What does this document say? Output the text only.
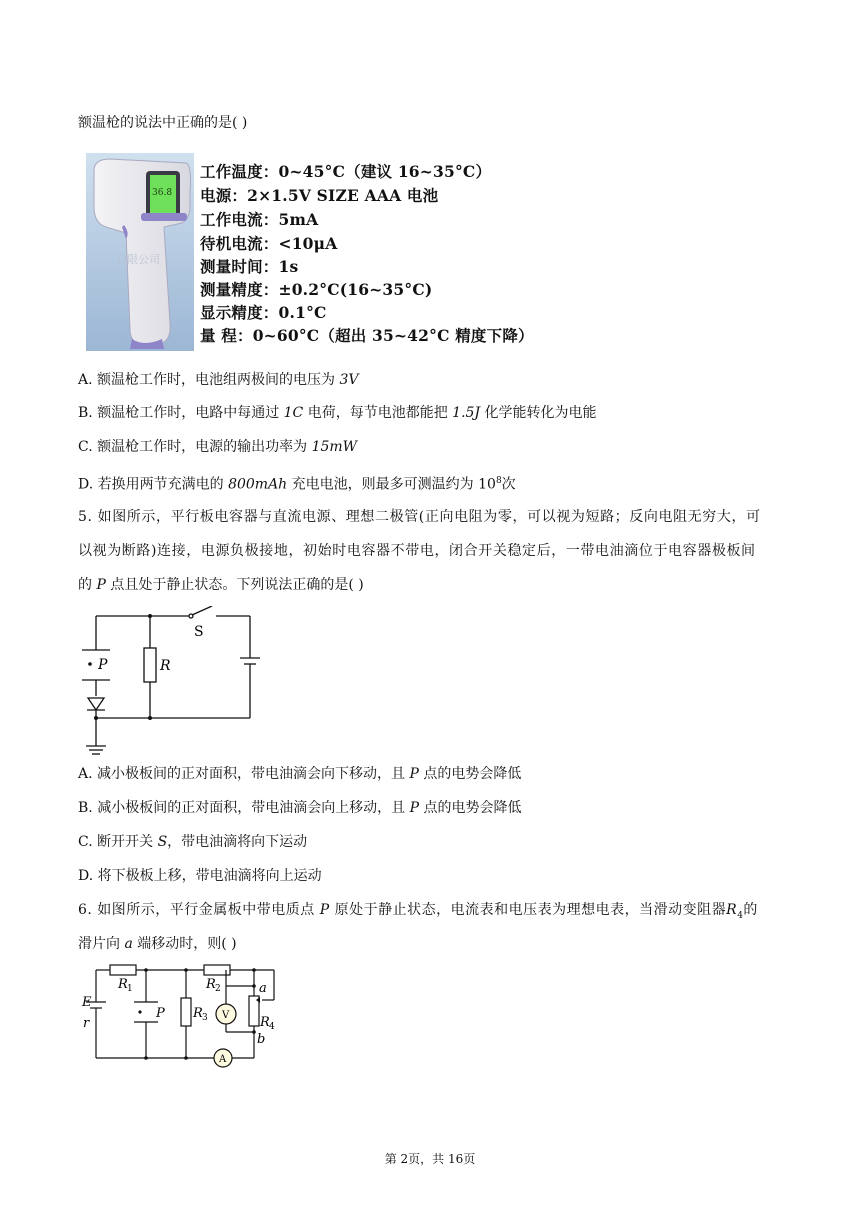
额温枪的说法中正确的是( )
36.8
有限公司
工作温度：0~45°C（建议 16~35°C）
电源：2×1.5V SIZE AAA 电池
工作电流：5mA
待机电流：<10μA
测量时间：1s
测量精度：±0.2°C(16~35°C)
显示精度：0.1°C
量 程：0~60°C（超出 35~42°C 精度下降）
A. 额温枪工作时，电池组两极间的电压为 3V
B. 额温枪工作时，电路中每通过 1C 电荷，每节电池都能把 1.5J 化学能转化为电能
C. 额温枪工作时，电源的输出功率为 15mW
D. 若换用两节充满电的 800mAh 充电电池，则最多可测温约为 $10^8$次
5. 如图所示，平行板电容器与直流电源、理想二极管(正向电阻为零，可以视为短路；反向电阻无穷大，可
以视为断路)连接，电源负极接地，初始时电容器不带电，闭合开关稳定后，一带电油滴位于电容器极板间
的 P 点且处于静止状态。下列说法正确的是( )
S
P	R
A. 减小极板间的正对面积，带电油滴会向下移动，且 P 点的电势会降低
B. 减小极板间的正对面积，带电油滴会向上移动，且 P 点的电势会降低
C. 断开开关 S，带电油滴将向下运动
D. 将下极板上移，带电油滴将向上运动
6. 如图所示，平行金属板中带电质点 P 原处于静止状态，电流表和电压表为理想电表，当滑动变阻器$R_4$的
滑片向 a 端移动时，则( )
E
r
R 1	R 2
R 3	R 4
P	V
A
a
b
第 2页，共 16页
